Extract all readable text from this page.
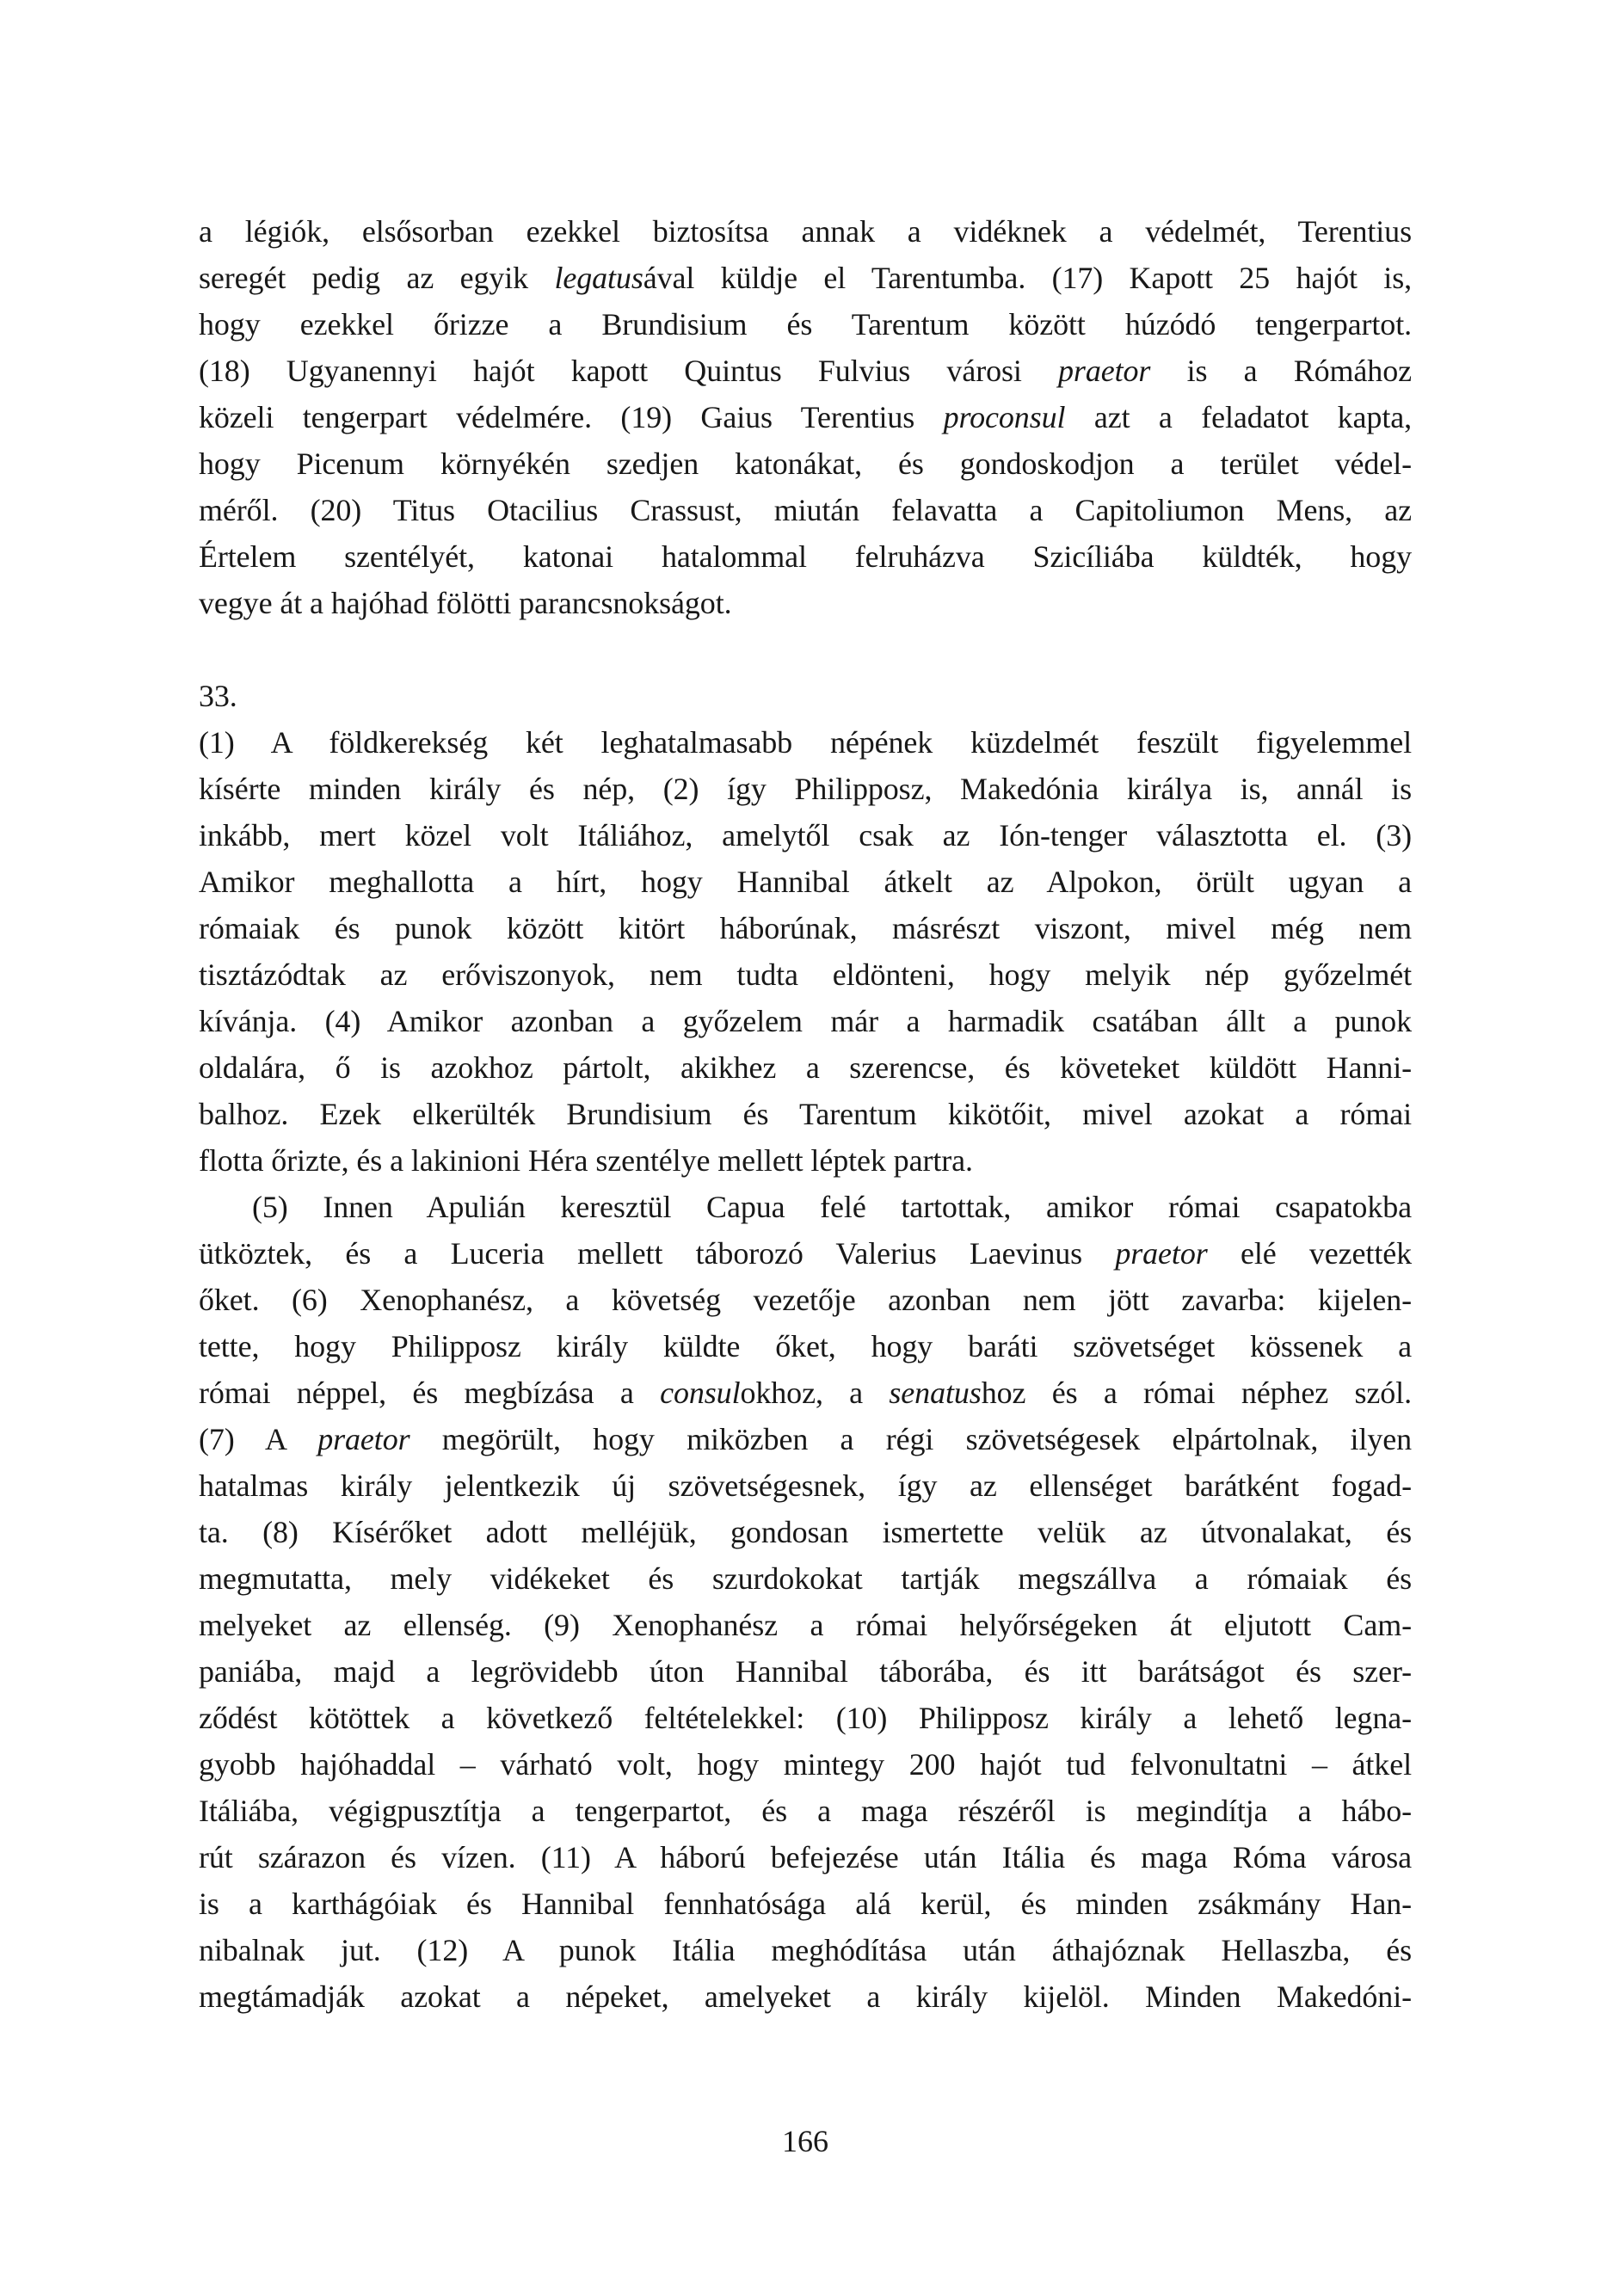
a légiók, elsősorban ezekkel biztosítsa annak a vidéknek a védelmét, Terentius
seregét pedig az egyik legatusával küldje el Tarentumba. (17) Kapott 25 hajót is,
hogy ezekkel őrizze a Brundisium és Tarentum között húzódó tengerpartot.
(18) Ugyanennyi hajót kapott Quintus Fulvius városi praetor is a Rómához
közeli tengerpart védelmére. (19) Gaius Terentius proconsul azt a feladatot kapta,
hogy Picenum környékén szedjen katonákat, és gondoskodjon a terület védel-
méről. (20) Titus Otacilius Crassust, miután felavatta a Capitoliumon Mens, az
Értelem szentélyét, katonai hatalommal felruházva Szicíliába küldték, hogy
vegye át a hajóhad fölötti parancsnokságot.
33.
(1) A földkerekség két leghatalmasabb népének küzdelmét feszült figyelemmel
kísérte minden király és nép, (2) így Philipposz, Makedónia királya is, annál is
inkább, mert közel volt Itáliához, amelytől csak az Ión-tenger választotta el. (3)
Amikor meghallotta a hírt, hogy Hannibal átkelt az Alpokon, örült ugyan a
rómaiak és punok között kitört háborúnak, másrészt viszont, mivel még nem
tisztázódtak az erőviszonyok, nem tudta eldönteni, hogy melyik nép győzelmét
kívánja. (4) Amikor azonban a győzelem már a harmadik csatában állt a punok
oldalára, ő is azokhoz pártolt, akikhez a szerencse, és követeket küldött Hanni-
balhoz. Ezek elkerülték Brundisium és Tarentum kikötőit, mivel azokat a római
flotta őrizte, és a lakinioni Héra szentélye mellett léptek partra.
(5) Innen Apulián keresztül Capua felé tartottak, amikor római csapatokba
ütköztek, és a Luceria mellett táborozó Valerius Laevinus praetor elé vezették
őket. (6) Xenophanész, a követség vezetője azonban nem jött zavarba: kijelen-
tette, hogy Philipposz király küldte őket, hogy baráti szövetséget kössenek a
római néppel, és megbízása a consulokhoz, a senatushoz és a római néphez szól.
(7) A praetor megörült, hogy miközben a régi szövetségesek elpártolnak, ilyen
hatalmas király jelentkezik új szövetségesnek, így az ellenséget barátként fogad-
ta. (8) Kísérőket adott melléjük, gondosan ismertette velük az útvonalakat, és
megmutatta, mely vidékeket és szurdokokat tartják megszállva a rómaiak és
melyeket az ellenség. (9) Xenophanész a római helyőrségeken át eljutott Cam-
paniába, majd a legrövidebb úton Hannibal táborába, és itt barátságot és szer-
ződést kötöttek a következő feltételekkel: (10) Philipposz király a lehető legna-
gyobb hajóhaddal – várható volt, hogy mintegy 200 hajót tud felvonultatni – átkel
Itáliába, végigpusztítja a tengerpartot, és a maga részéről is megindítja a hábo-
rút szárazon és vízen. (11) A háború befejezése után Itália és maga Róma városa
is a karthágóiak és Hannibal fennhatósága alá kerül, és minden zsákmány Han-
nibalnak jut. (12) A punok Itália meghódítása után áthajóznak Hellaszba, és
megtámadják azokat a népeket, amelyeket a király kijelöl. Minden Makedóni-
166
